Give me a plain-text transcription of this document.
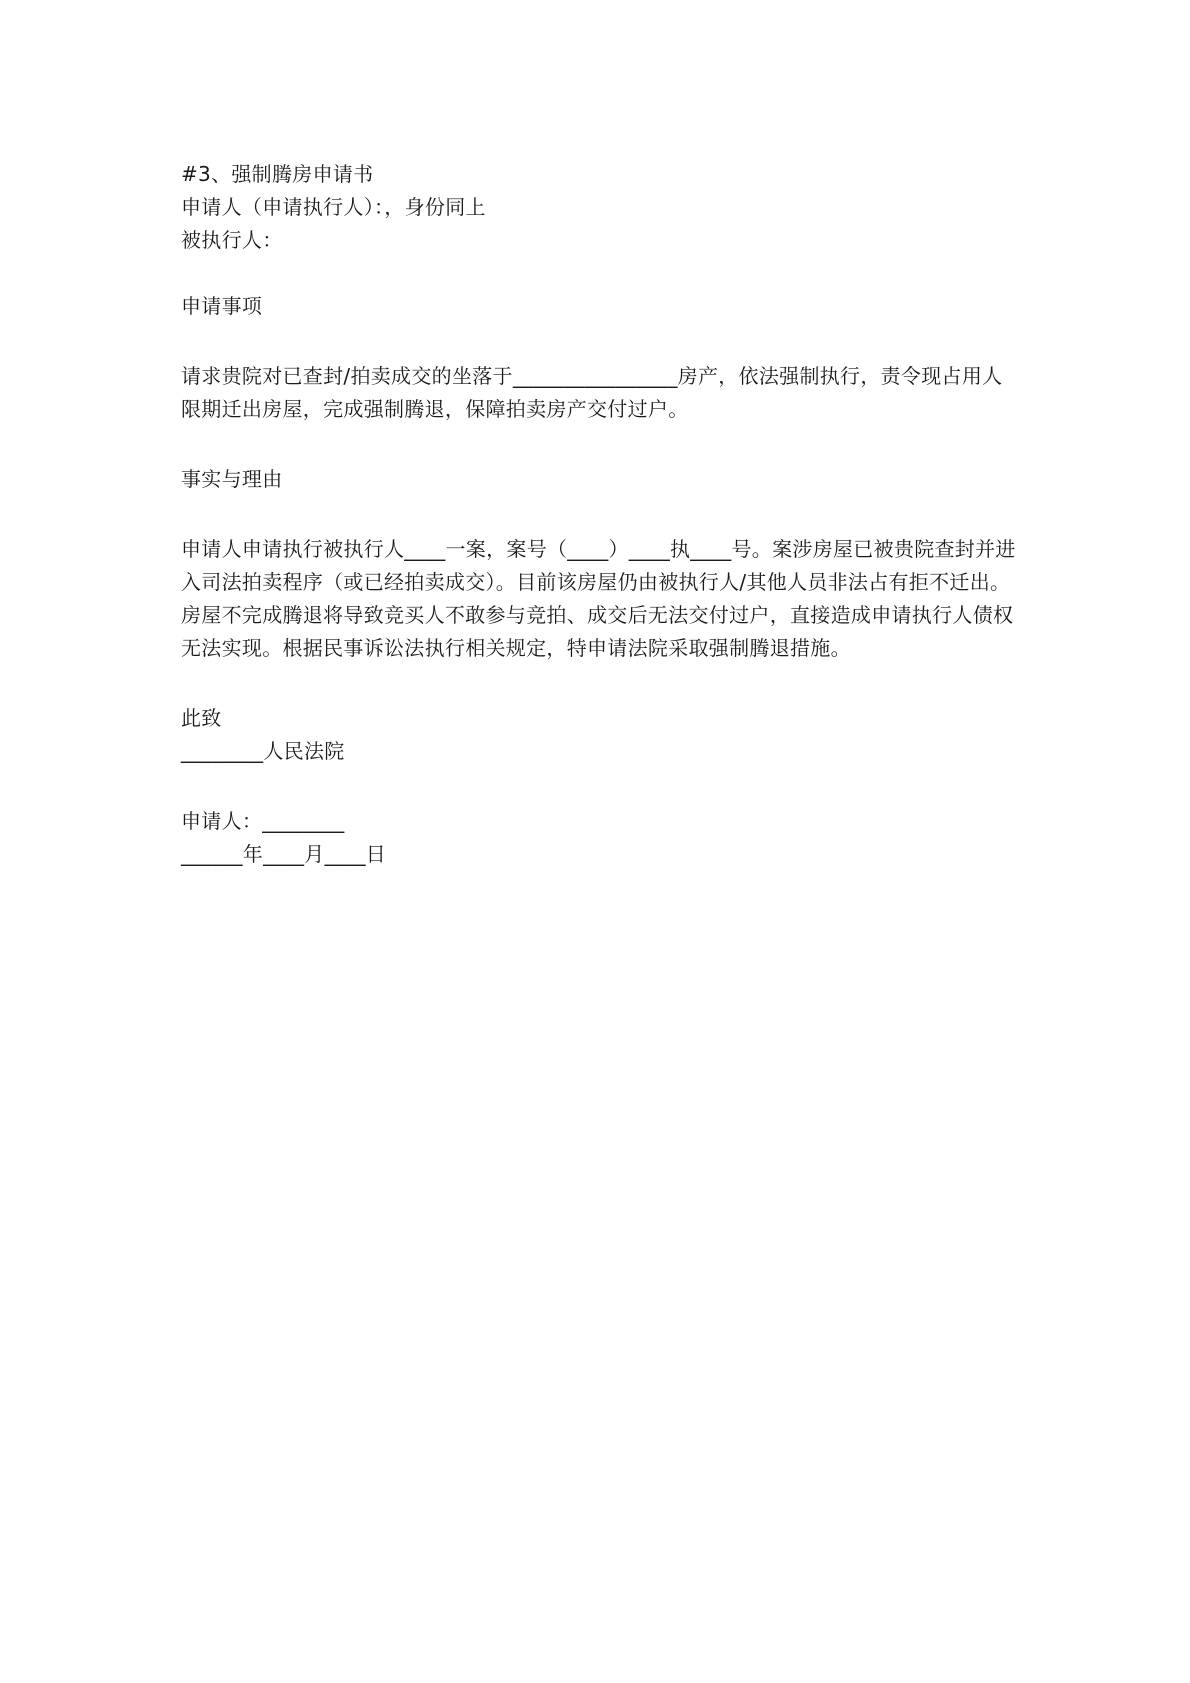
#3、强制腾房申请书

申请人（申请执行人）：，身份同上

被执行人：

申请事项

请求贵院对已查封/拍卖成交的坐落于________________房产，依法强制执行，责令现占用人限期迁出房屋，完成强制腾退，保障拍卖房产交付过户。

事实与理由

申请人申请执行被执行人____一案，案号（____）____执____号。案涉房屋已被贵院查封并进入司法拍卖程序（或已经拍卖成交）。目前该房屋仍由被执行人/其他人员非法占有拒不迁出。

房屋不完成腾退将导致竞买人不敢参与竞拍、成交后无法交付过户，直接造成申请执行人债权无法实现。根据民事诉讼法执行相关规定，特申请法院采取强制腾退措施。

此致

________人民法院

申请人：________

______年____月____日
